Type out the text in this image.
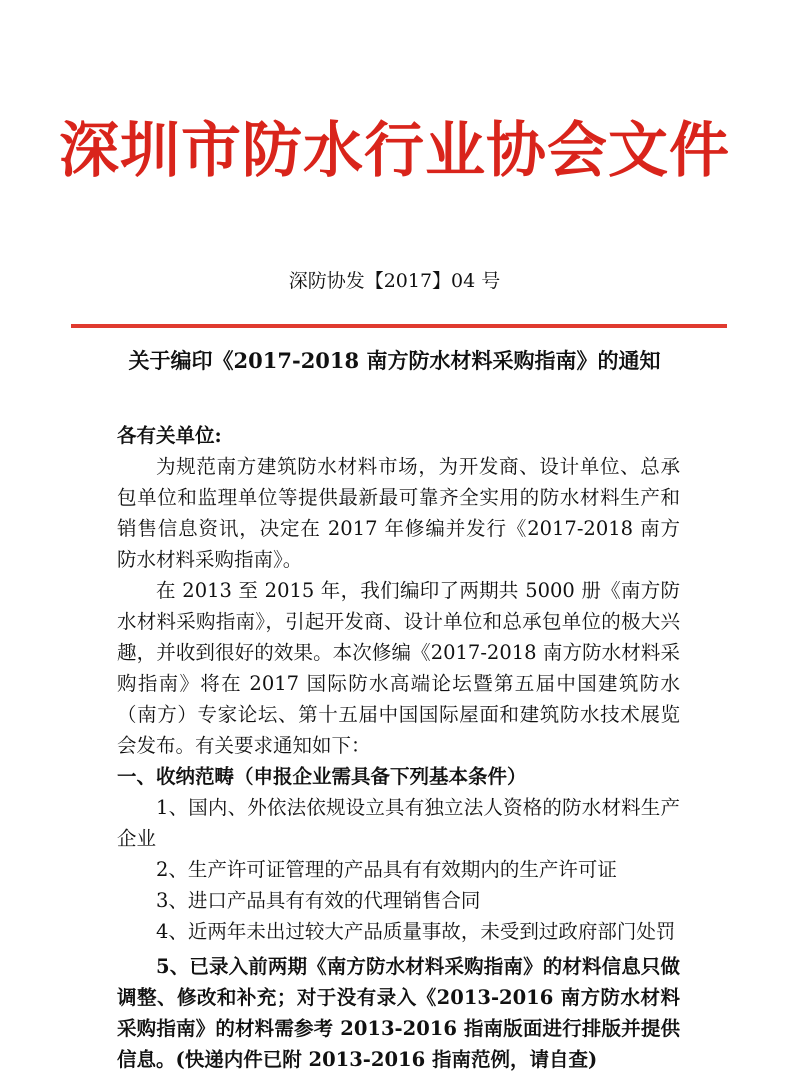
深圳市防水行业协会文件
深防协发【2017】04 号
关于编印《2017-2018 南方防水材料采购指南》的通知

各有关单位:

为规范南方建筑防水材料市场，为开发商、设计单位、总承包单位和监理单位等提供最新最可靠齐全实用的防水材料生产和销售信息资讯，决定在 2017 年修编并发行《2017-2018 南方防水材料采购指南》。

在 2013 至 2015 年，我们编印了两期共 5000 册《南方防水材料采购指南》，引起开发商、设计单位和总承包单位的极大兴趣，并收到很好的效果。本次修编《2017-2018 南方防水材料采购指南》将在 2017 国际防水高端论坛暨第五届中国建筑防水（南方）专家论坛、第十五届中国国际屋面和建筑防水技术展览会发布。有关要求通知如下：

一、收纳范畴（申报企业需具备下列基本条件）

1、国内、外依法依规设立具有独立法人资格的防水材料生产企业

2、生产许可证管理的产品具有有效期内的生产许可证

3、进口产品具有有效的代理销售合同

4、近两年未出过较大产品质量事故，未受到过政府部门处罚

5、已录入前两期《南方防水材料采购指南》的材料信息只做调整、修改和补充；对于没有录入《2013-2016 南方防水材料采购指南》的材料需参考 2013-2016 指南版面进行排版并提供信息。(快递内件已附 2013-2016 指南范例，请自查)
